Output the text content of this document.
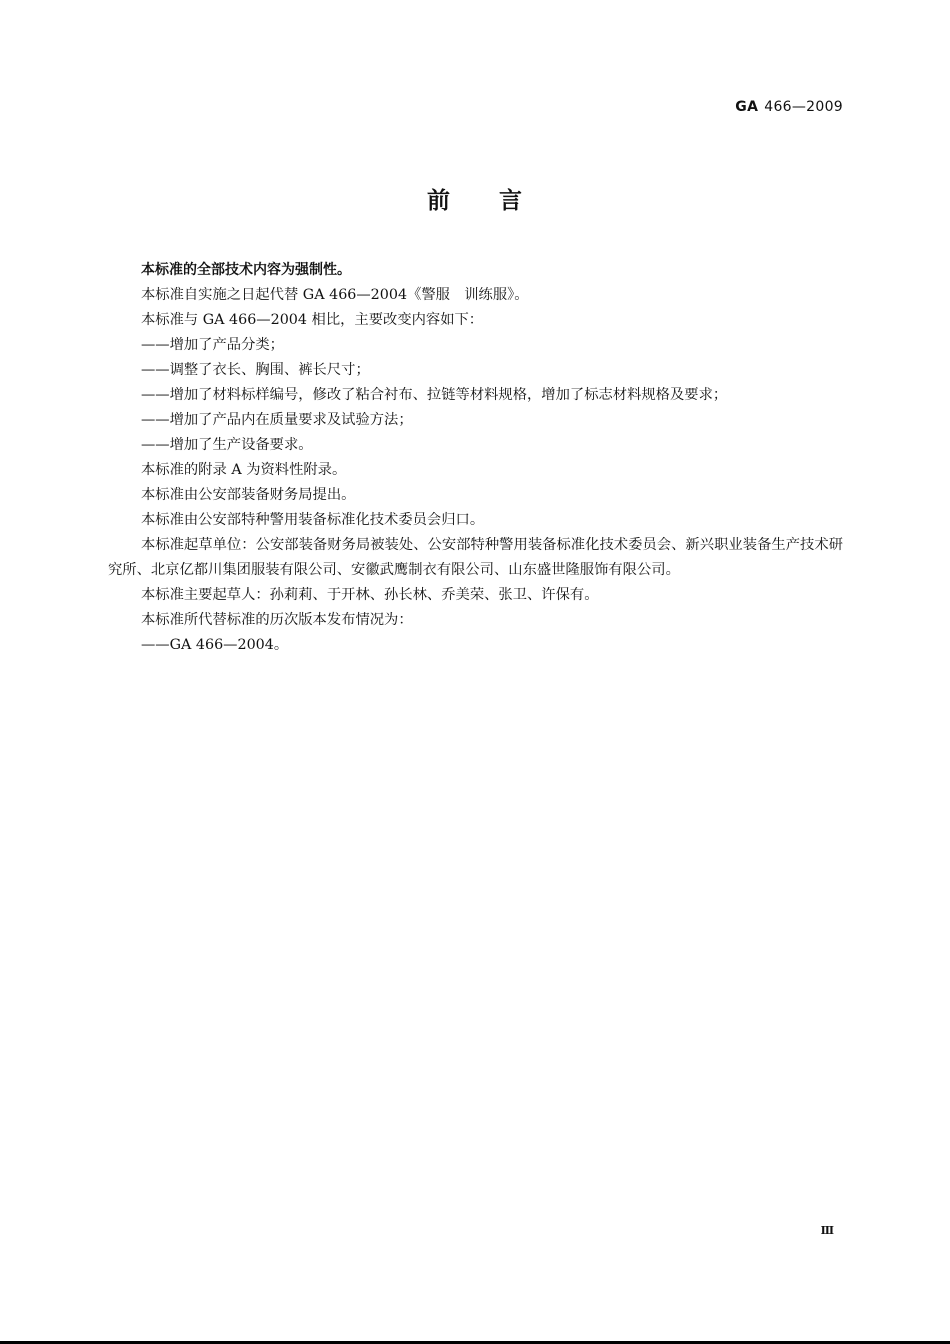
GA 466—2009
前　　言

本标准的全部技术内容为强制性。

本标准自实施之日起代替 GA 466—2004《警服　训练服》。

本标准与 GA 466—2004 相比，主要改变内容如下：

——增加了产品分类；

——调整了衣长、胸围、裤长尺寸；

——增加了材料标样编号，修改了粘合衬布、拉链等材料规格，增加了标志材料规格及要求；

——增加了产品内在质量要求及试验方法；

——增加了生产设备要求。

本标准的附录 A 为资料性附录。

本标准由公安部装备财务局提出。

本标准由公安部特种警用装备标准化技术委员会归口。

本标准起草单位：公安部装备财务局被装处、公安部特种警用装备标准化技术委员会、新兴职业装备生产技术研究所、北京亿都川集团服装有限公司、安徽武鹰制衣有限公司、山东盛世隆服饰有限公司。

本标准主要起草人：孙莉莉、于开林、孙长林、乔美荣、张卫、许保有。

本标准所代替标准的历次版本发布情况为：

——GA 466—2004。

Ⅲ
